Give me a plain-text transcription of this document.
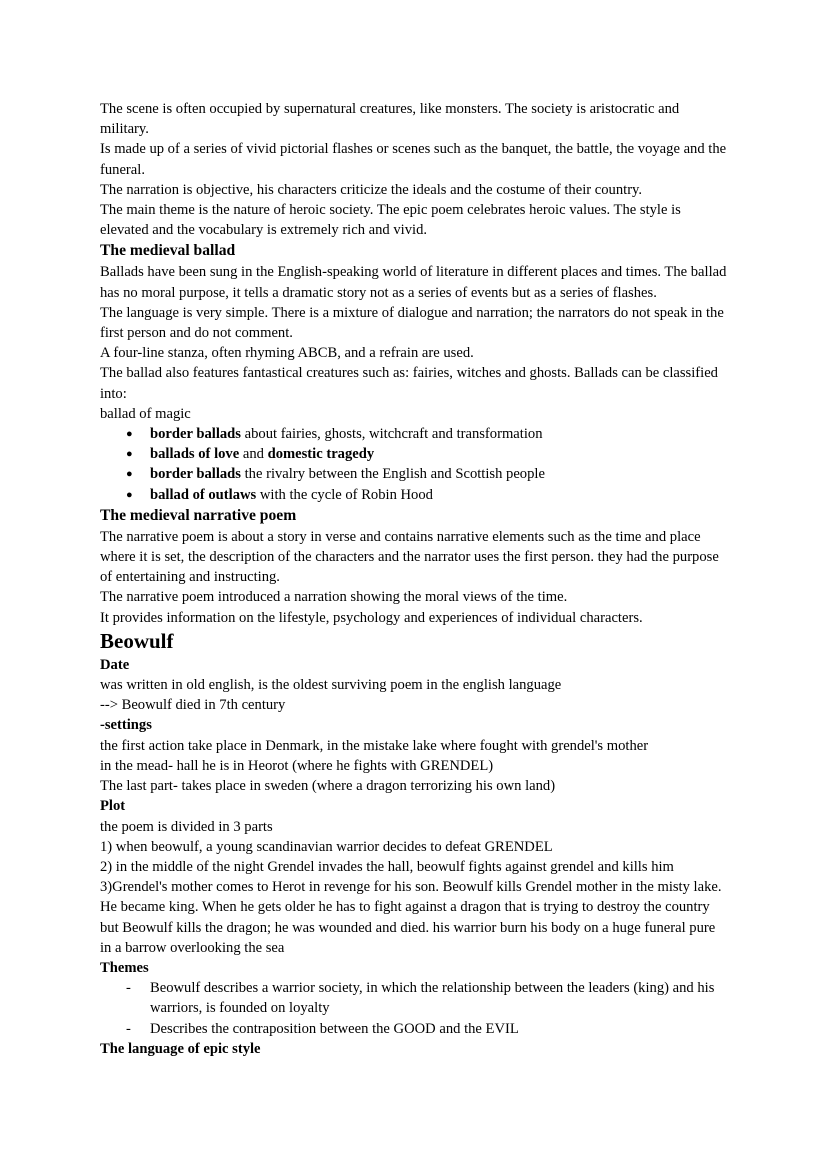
The scene is often occupied by supernatural creatures, like monsters. The society is aristocratic and military.

Is made up of a series of vivid pictorial flashes or scenes such as the banquet, the battle, the voyage and the funeral.

The narration is objective, his characters criticize the ideals and the costume of their country.

The main theme is the nature of heroic society. The epic poem celebrates heroic values. The style is elevated and the vocabulary is extremely rich and vivid.

The medieval ballad

Ballads have been sung in the English-speaking world of literature in different places and times. The ballad has no moral purpose, it tells a dramatic story not as a series of events but as a series of flashes.

The language is very simple. There is a mixture of dialogue and narration; the narrators do not speak in the first person and do not comment.

A four-line stanza, often rhyming ABCB, and a refrain are used.

The ballad also features fantastical creatures such as: fairies, witches and ghosts. Ballads can be classified into:

ballad of magic

● border ballads about fairies, ghosts, witchcraft and transformation
● ballads of love and domestic tragedy
● border ballads the rivalry between the English and Scottish people
● ballad of outlaws with the cycle of Robin Hood

The medieval narrative poem

The narrative poem is about a story in verse and contains narrative elements such as the time and place where it is set, the description of the characters and the narrator uses the first person. they had the purpose of entertaining and instructing.

The narrative poem introduced a narration showing the moral views of the time.

It provides information on the lifestyle, psychology and experiences of individual characters.

Beowulf

Date

was written in old english, is the oldest surviving poem in the english language

--> Beowulf died in 7th century

-settings

the first action take place in Denmark, in the mistake lake where fought with grendel's mother

in the mead- hall he is in Heorot (where he fights with GRENDEL)

The last part- takes place in sweden (where a dragon terrorizing his own land)

Plot

the poem is divided in 3 parts

1) when beowulf, a young scandinavian warrior decides to defeat GRENDEL

2) in the middle of the night Grendel invades the hall, beowulf fights against grendel and kills him

3)Grendel's mother comes to Herot in revenge for his son. Beowulf kills Grendel mother in the misty lake. He became king. When he gets older he has to fight against a dragon that is trying to destroy the country but Beowulf kills the dragon; he was wounded and died. his warrior burn his body on a huge funeral pure in a barrow overlooking the sea

Themes

- Beowulf describes a warrior society, in which the relationship between the leaders (king) and his warriors, is founded on loyalty
- Describes the contraposition between the GOOD and the EVIL

The language of epic style
